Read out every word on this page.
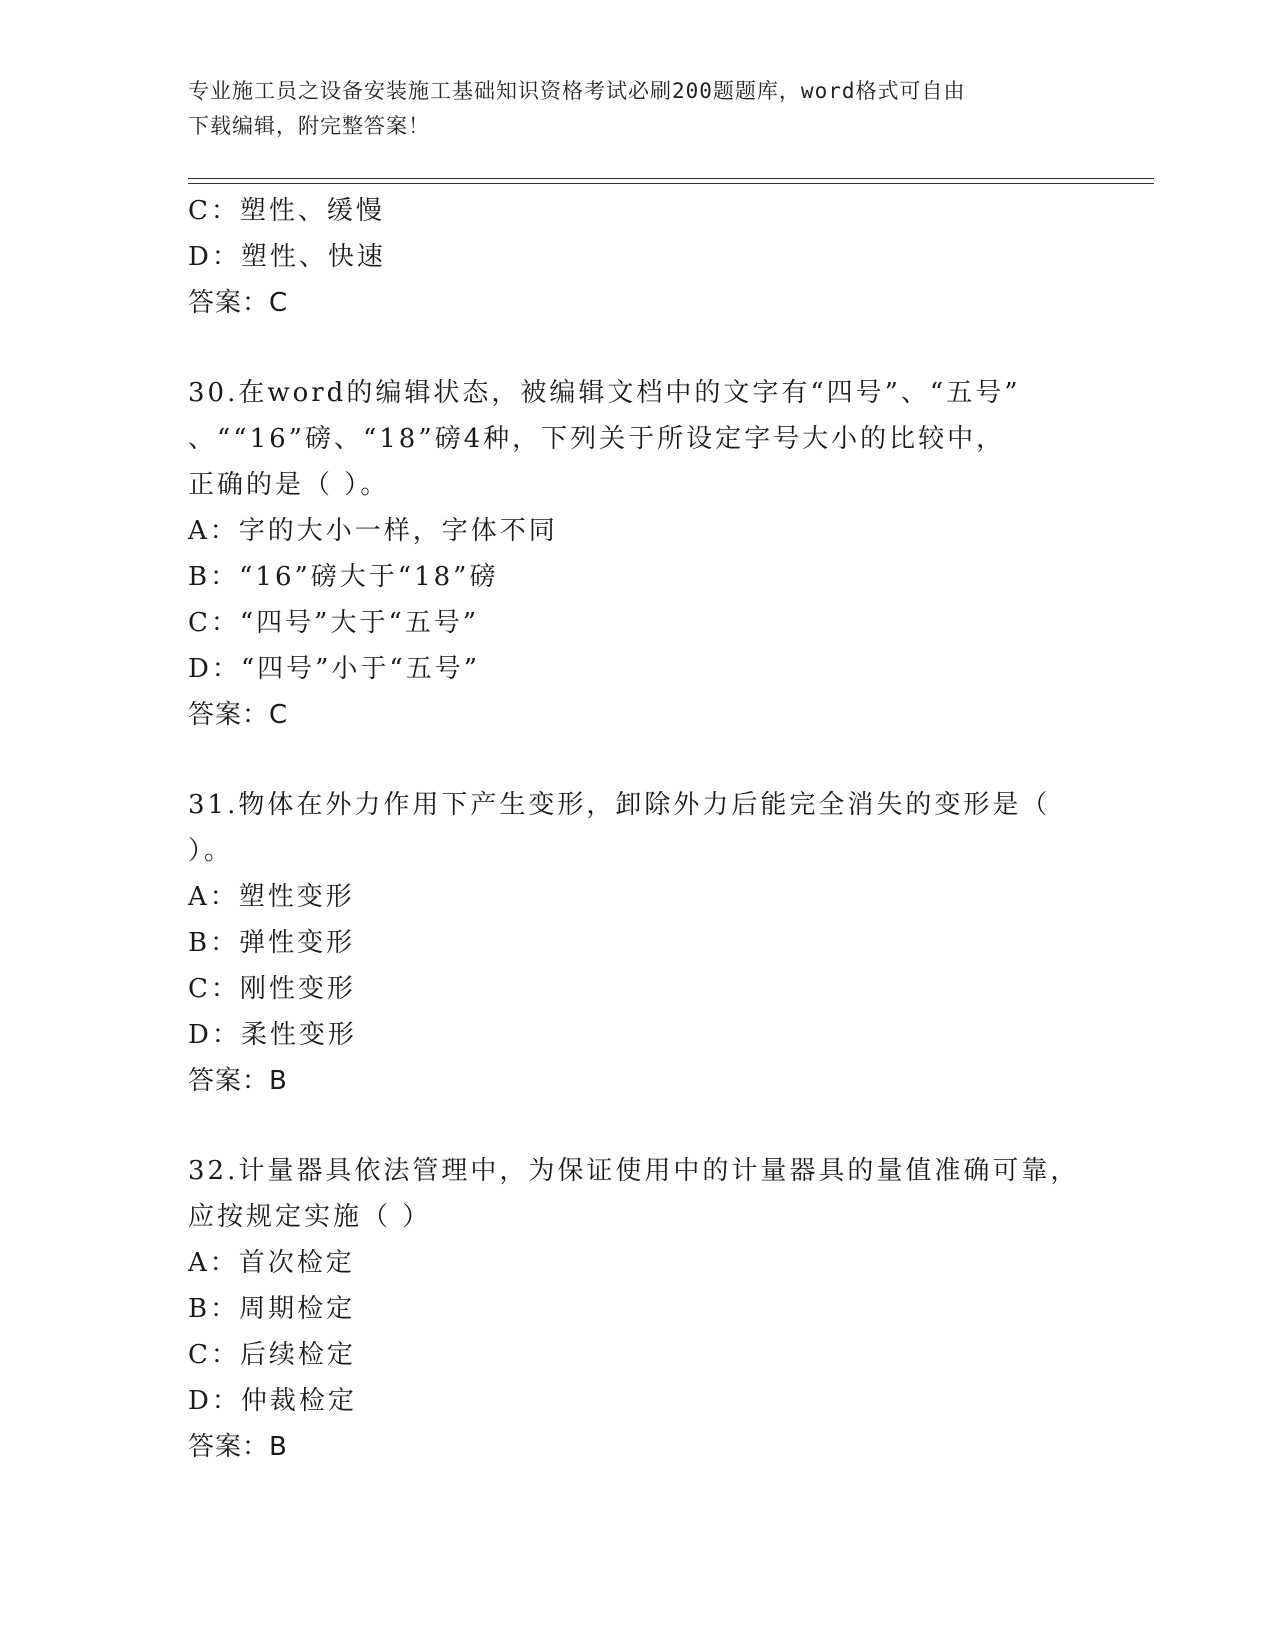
专业施工员之设备安装施工基础知识资格考试必刷200题题库，word格式可自由
下载编辑，附完整答案！
C：塑性、缓慢
D：塑性、快速
答案：C
30.在word的编辑状态，被编辑文档中的文字有“四号”、“五号”
、““16”磅、“18”磅4种，下列关于所设定字号大小的比较中，
正确的是（ ）。
A：字的大小一样，字体不同
B：“16”磅大于“18”磅
C：“四号”大于“五号”
D：“四号”小于“五号”
答案：C
31.物体在外力作用下产生变形，卸除外力后能完全消失的变形是（
）。
A：塑性变形
B：弹性变形
C：刚性变形
D：柔性变形
答案：B
32.计量器具依法管理中，为保证使用中的计量器具的量值准确可靠，
应按规定实施（ ）
A：首次检定
B：周期检定
C：后续检定
D：仲裁检定
答案：B
